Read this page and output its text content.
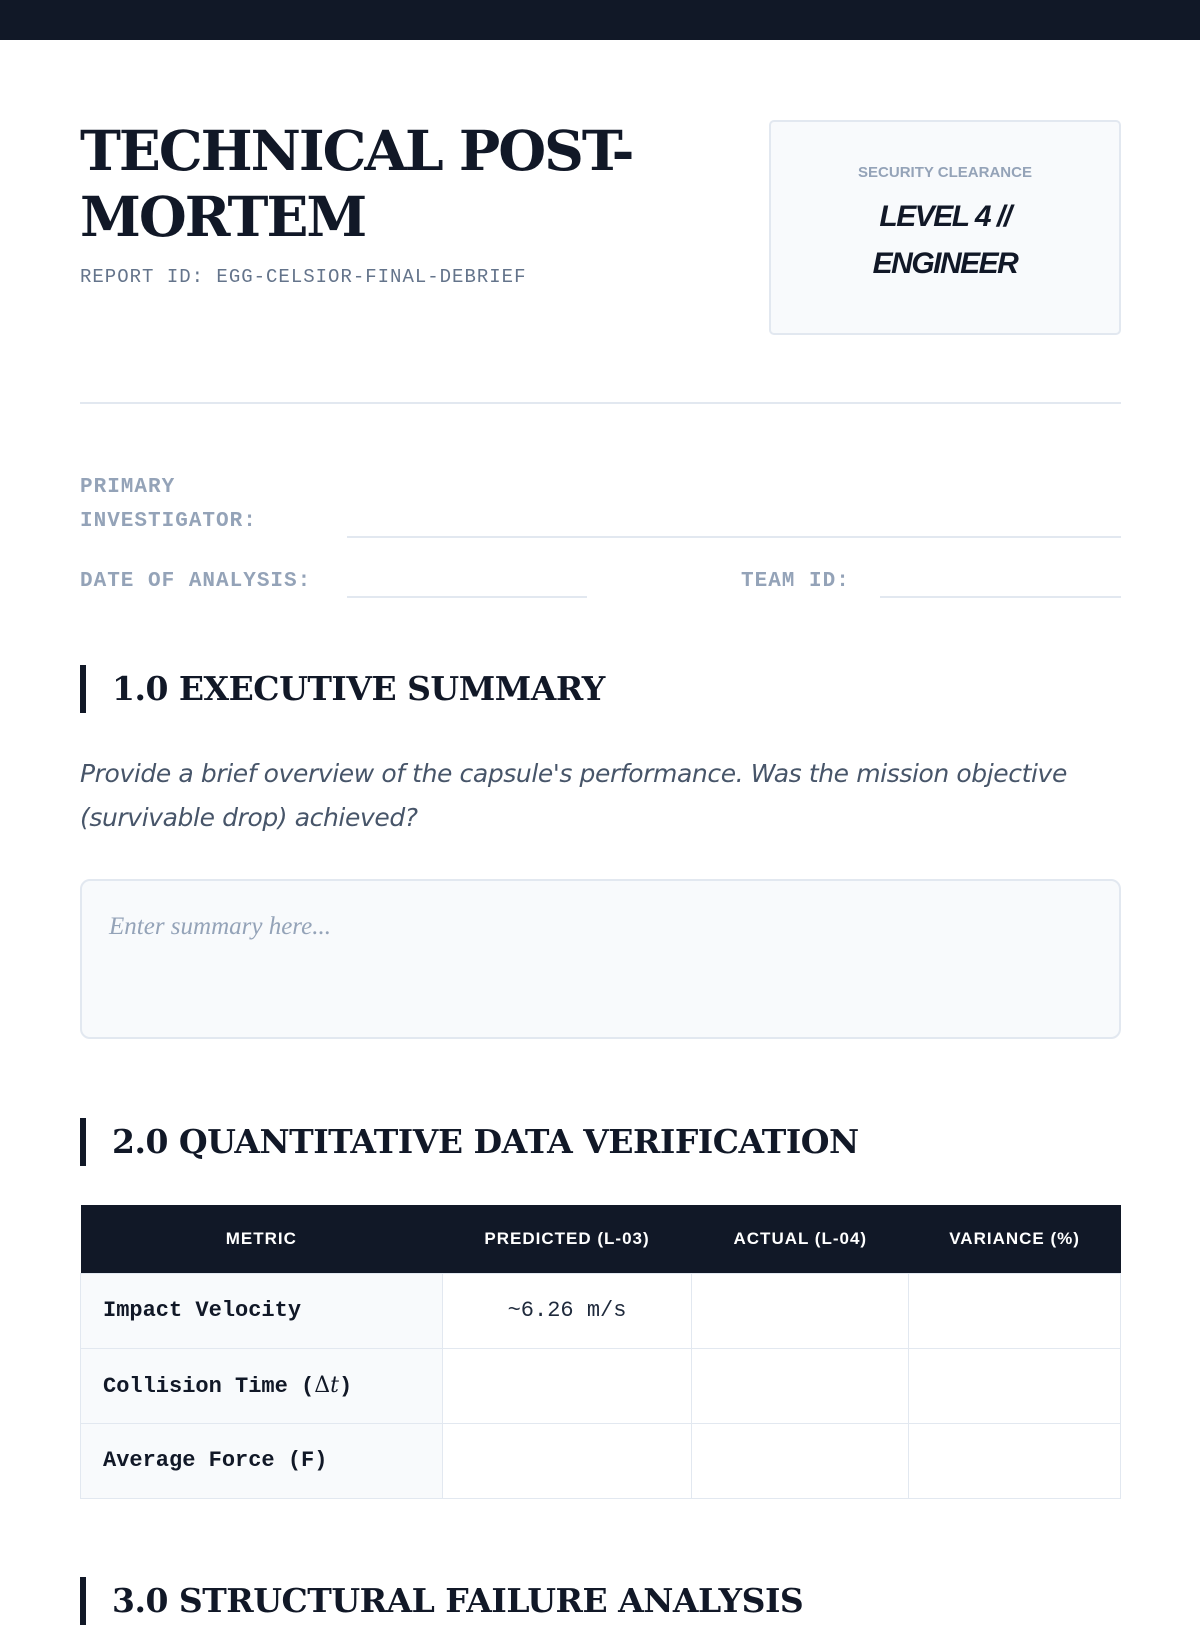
TECHNICAL POST-MORTEM
REPORT ID: EGG-CELSIOR-FINAL-DEBRIEF
SECURITY CLEARANCE
LEVEL 4 // ENGINEER
PRIMARY INVESTIGATOR:
DATE OF ANALYSIS:	TEAM ID:
1.0 EXECUTIVE SUMMARY

Provide a brief overview of the capsule's performance. Was the mission objective (survivable drop) achieved?

Enter summary here...
2.0 QUANTITATIVE DATA VERIFICATION
METRIC	PREDICTED (L-03)	ACTUAL (L-04)	VARIANCE (%)
Impact Velocity	~6.26 m/s		
Collision Time (Δt)			
Average Force (F)			
3.0 STRUCTURAL FAILURE ANALYSIS
